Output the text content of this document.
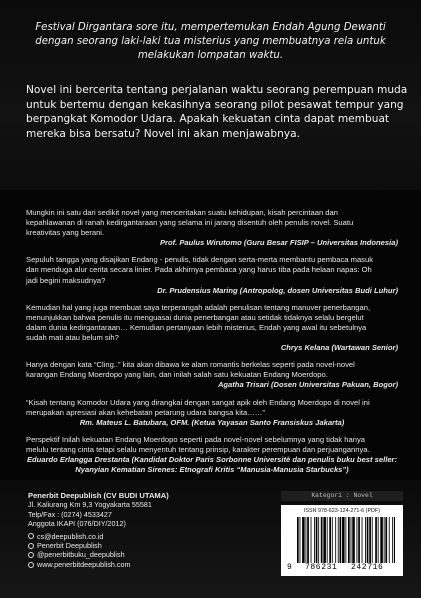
Festival Dirgantara sore itu, mempertemukan Endah Agung Dewanti
dengan seorang laki-laki tua misterius yang membuatnya rela untuk
melakukan lompatan waktu.
Novel ini bercerita tentang perjalanan waktu seorang perempuan muda
untuk bertemu dengan kekasihnya seorang pilot pesawat tempur yang
berpangkat Komodor Udara. Apakah kekuatan cinta dapat membuat
mereka bisa bersatu? Novel ini akan menjawabnya.
Mungkin ini satu dari sedikit novel yang menceritakan suatu kehidupan, kisah percintaan dan
kepahlawanan di ranah kedirgantaraan yang selama ini jarang disentuh oleh penulis novel. Suatu
kreativitas yang berani.
Prof. Paulus Wirutomo (Guru Besar FISIP – Universitas Indonesia)
Sepuluh tangga yang disajikan Endang - penulis, tidak dengan serta-merta membantu pembaca masuk
dan menduga alur cerita secara linier. Pada akhirnya pembaca yang harus tiba pada helaan napas: Oh
jadi begini maksudnya?
Dr. Prudensius Maring (Antropolog, dosen Universitas Budi Luhur)
Kemudian hal yang juga membuat saya terperangah adalah penulisan tentang manuver penerbangan,
menunjukkan bahwa penulis itu menguasai dunia penerbangan atau setidak tidaknya selalu bergelut
dalam dunia kedirgantaraan… Kemudian pertanyaan lebih misterius, Endah yang awal itu sebetulnya
sudah mati atau belum sih?
Chrys Kelana (Wartawan Senior)
Hanya dengan kata “Cling..” kita akan dibawa ke alam romantis berkelas seperti pada novel-novel
karangan Endang Moerdopo yang lain, dan inilah salah satu kekuatan Endang Moerdopo.
Agatha Trisari (Dosen Universitas Pakuan, Bogor)
“Kisah tentang Komodor Udara yang dirangkai dengan sangat apik oleh Endang Moerdopo di novel ini
merupakan apresiasi akan kehebatan petarung udara bangsa kita……”
Rm. Mateus L. Batubara, OFM. (Ketua Yayasan Santo Fransiskus Jakarta)
Perspektif Inilah kekuatan Endang Moerdopo seperti pada novel-novel sebelumnya yang tidak hanya
melulu tentang cinta tetapi selalu menyentuh tentang prinsip, karakter perempuan dan perjuangannya.
Eduardo Erlangga Drestanta (Kandidat Doktor Paris Sorbonne Universitè dan penulis buku best seller:
Nyanyian Kematian Sirenes: Etnografi Kritis “Manusia-Manusia Starbucks”)
Penerbit Deepublish (CV BUDI UTAMA)
Jl. Kaliurang Km 9,3 Yogyakarta 55581
Telp/Fax : (0274) 4533427
Anggota IKAPI (076/DIY/2012)
cs@deepublish.co.id
Penerbit Deepublish
@penerbitbuku_deepublish
www.penerbitdeepublish.com
Kategori : Novel
ISSN 978-623-124-271-6 (PDF)
9 786231 242716
